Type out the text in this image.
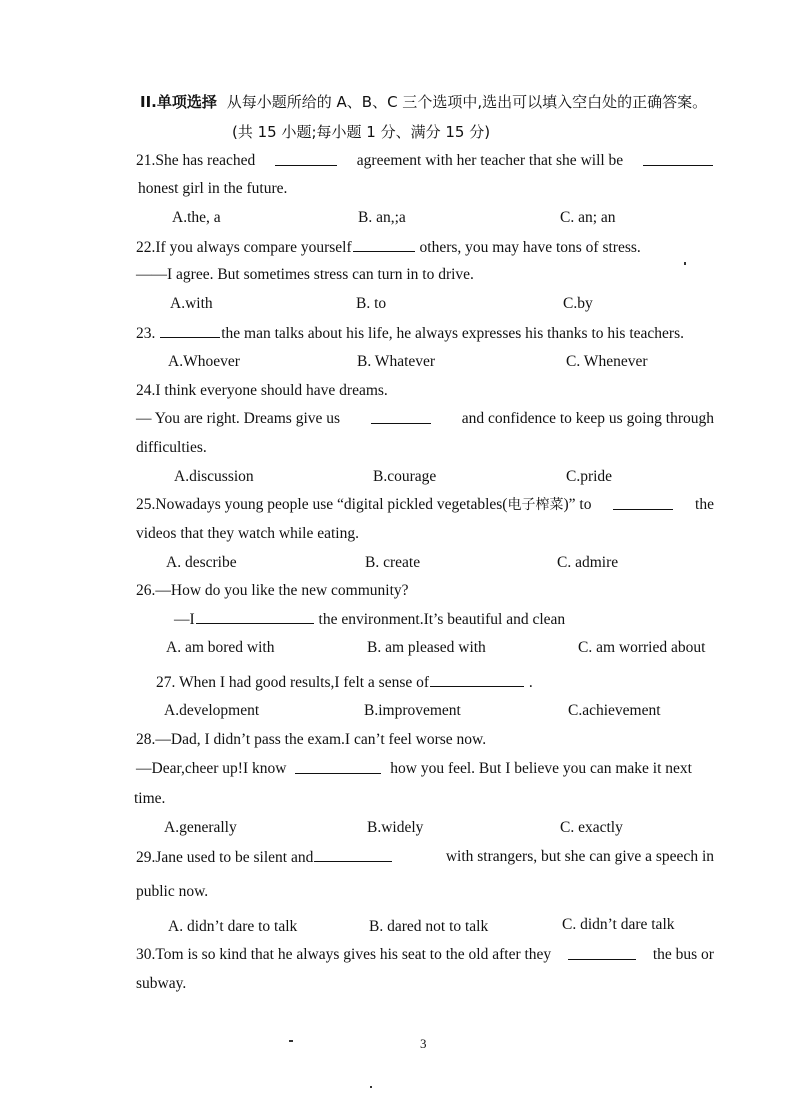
II.单项选择 从每小题所给的 A、B、C 三个选项中,选出可以填入空白处的正确答案。
(共 15 小题;每小题 1 分、满分 15 分)
21.She has reached	agreement with her teacher that she will be
honest girl in the future.
A.the, a	B. an,;a	C. an; an
22.If you always compare yourself	others, you may have tons of stress.
——I agree. But sometimes stress can turn in to drive.
A.with	B. to	C.by
23.	the man talks about his life, he always expresses his thanks to his teachers.
A.Whoever	B. Whatever	C. Whenever
24.I think everyone should have dreams.
— You are right. Dreams give us	and confidence to keep us going through
difficulties.
A.discussion	B.courage	C.pride
25.Nowadays young people use “digital pickled vegetables(电子榨菜)” to	the
videos that they watch while eating.
A. describe	B. create	C. admire
26.—How do you like the new community?
—I	the environment.It’s beautiful and clean
A. am bored with	B. am pleased with	C. am worried about
27. When I had good results,I felt a sense of	.
A.development	B.improvement	C.achievement
28.—Dad, I didn’t pass the exam.I can’t feel worse now.
—Dear,cheer up!I know	how you feel. But I believe you can make it next
time.
A.generally	B.widely	C. exactly
29.Jane used to be silent and	with strangers, but she can give a speech in
public now.
A. didn’t dare to talk	B. dared not to talk	C. didn’t dare talk
30.Tom is so kind that he always gives his seat to the old after they	the bus or
subway.
3
